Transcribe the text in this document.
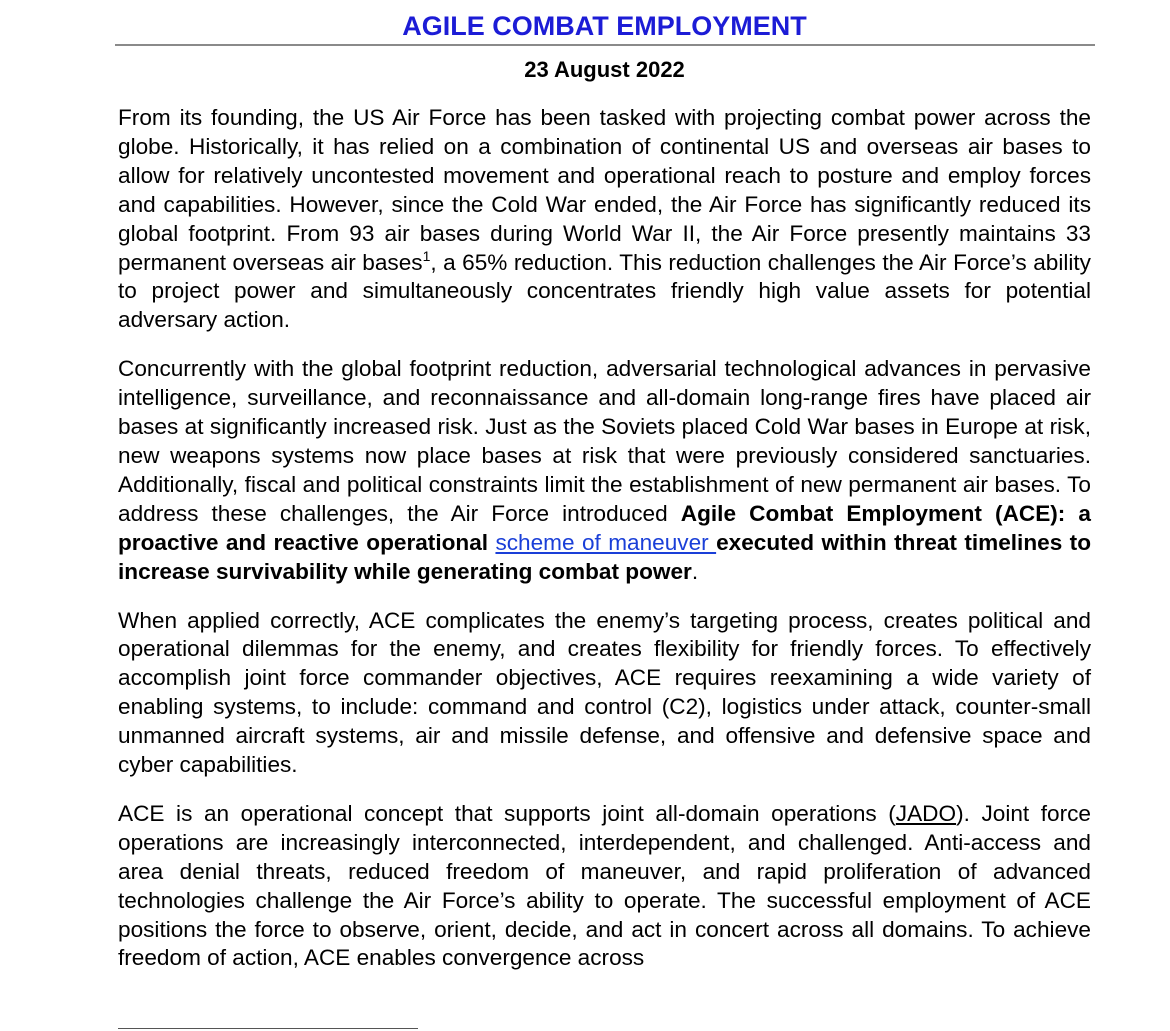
AGILE COMBAT EMPLOYMENT
23 August 2022

From its founding, the US Air Force has been tasked with projecting combat power across the globe. Historically, it has relied on a combination of continental US and overseas air bases to allow for relatively uncontested movement and operational reach to posture and employ forces and capabilities. However, since the Cold War ended, the Air Force has significantly reduced its global footprint. From 93 air bases during World War II, the Air Force presently maintains 33 permanent overseas air bases$^1$, a 65% reduction. This reduction challenges the Air Force’s ability to project power and simultaneously concentrates friendly high value assets for potential adversary action.

Concurrently with the global footprint reduction, adversarial technological advances in pervasive intelligence, surveillance, and reconnaissance and all-domain long-range fires have placed air bases at significantly increased risk. Just as the Soviets placed Cold War bases in Europe at risk, new weapons systems now place bases at risk that were previously considered sanctuaries. Additionally, fiscal and political constraints limit the establishment of new permanent air bases. To address these challenges, the Air Force introduced Agile Combat Employment (ACE): a proactive and reactive operational scheme of maneuver executed within threat timelines to increase survivability while generating combat power.

When applied correctly, ACE complicates the enemy’s targeting process, creates political and operational dilemmas for the enemy, and creates flexibility for friendly forces. To effectively accomplish joint force commander objectives, ACE requires reexamining a wide variety of enabling systems, to include: command and control (C2), logistics under attack, counter-small unmanned aircraft systems, air and missile defense, and offensive and defensive space and cyber capabilities.

ACE is an operational concept that supports joint all-domain operations (JADO). Joint force operations are increasingly interconnected, interdependent, and challenged. Anti-access and area denial threats, reduced freedom of maneuver, and rapid proliferation of advanced technologies challenge the Air Force’s ability to operate. The successful employment of ACE positions the force to observe, orient, decide, and act in concert across all domains. To achieve freedom of action, ACE enables convergence across
